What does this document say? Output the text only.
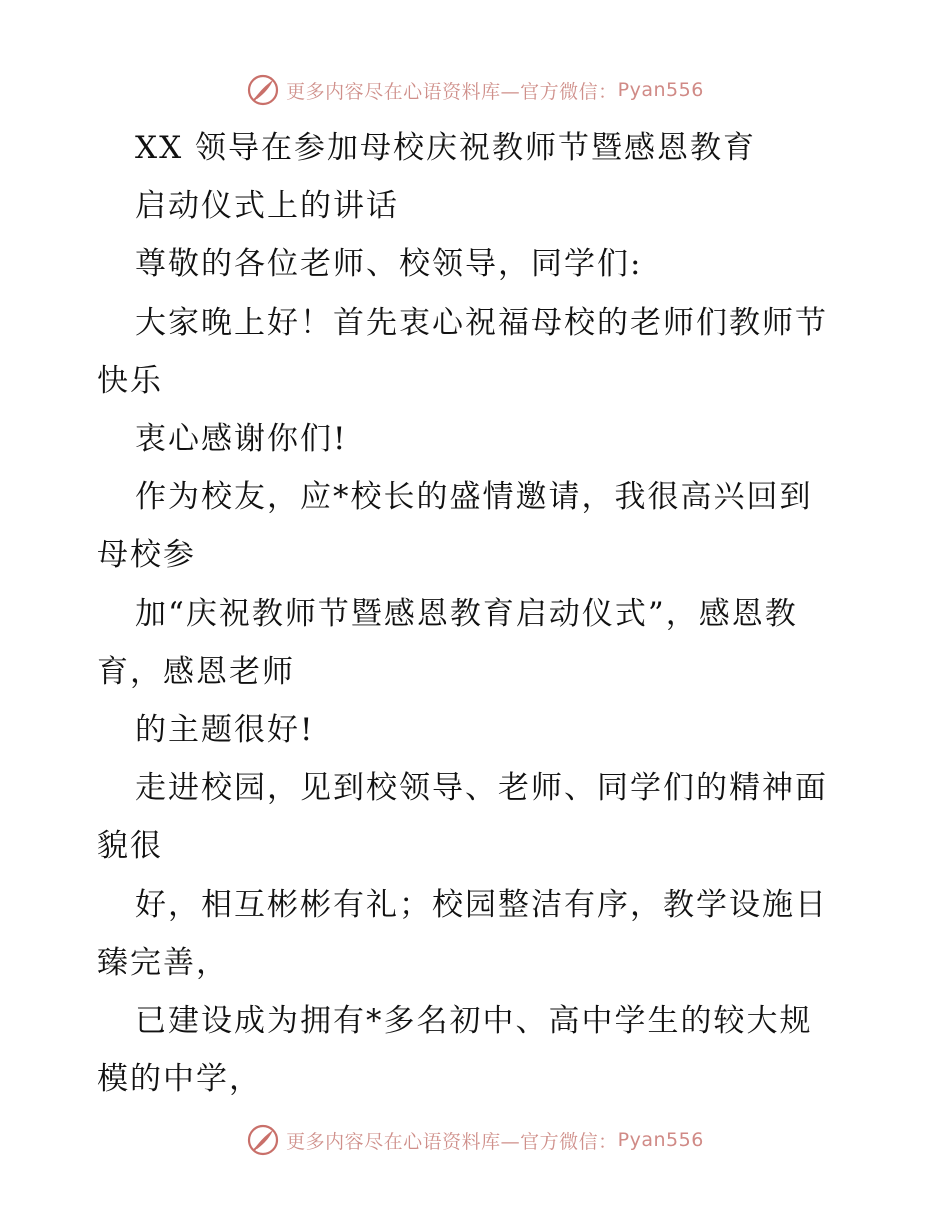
更多内容尽在心语资料库—官方微信： Pyan556
XX 领导在参加母校庆祝教师节暨感恩教育
启动仪式上的讲话
尊敬的各位老师、校领导，同学们:
大家晚上好！首先衷心祝福母校的老师们教师节
快乐
衷心感谢你们!
作为校友，应*校长的盛情邀请，我很高兴回到
母校参
加“庆祝教师节暨感恩教育启动仪式”，感恩教
育，感恩老师
的主题很好!
走进校园，见到校领导、老师、同学们的精神面
貌很
好，相互彬彬有礼；校园整洁有序，教学设施日
臻完善，
已建设成为拥有*多名初中、高中学生的较大规
模的中学，
更多内容尽在心语资料库—官方微信： Pyan556
